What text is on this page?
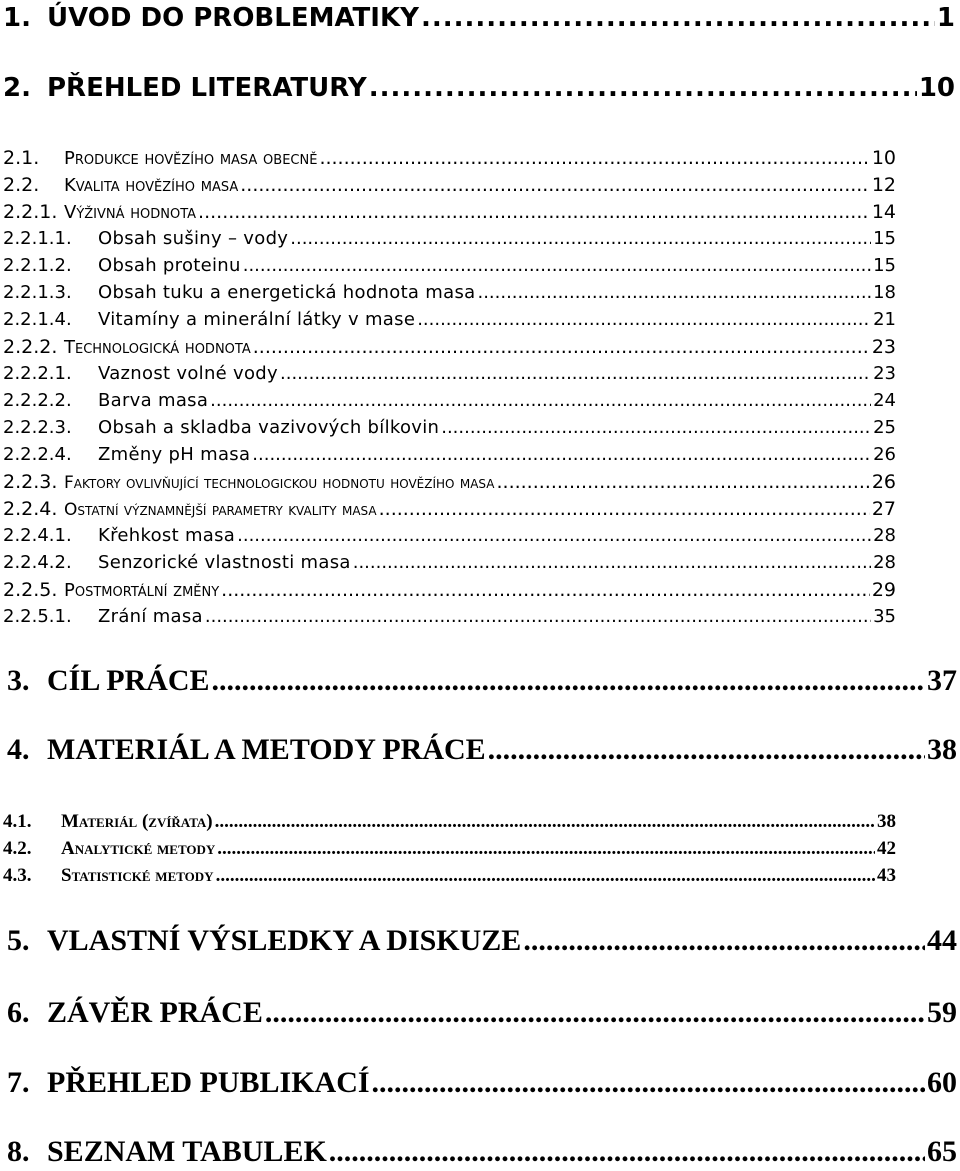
1. ÚVOD DO PROBLEMATIKY .....	1
2. PŘEHLED LITERATURY .....	10
2.1.	Produkce hovězího masa obecně .....	10
2.2.	Kvalita hovězího masa .....	12
2.2.1. Výživná hodnota .....	14
2.2.1.1.	Obsah sušiny – vody .....	15
2.2.1.2.	Obsah proteinu .....	15
2.2.1.3.	Obsah tuku a energetická hodnota masa .....	18
2.2.1.4.	Vitamíny a minerální látky v mase .....	21
2.2.2. Technologická hodnota .....	23
2.2.2.1.	Vaznost volné vody .....	23
2.2.2.2.	Barva masa .....	24
2.2.2.3.	Obsah a skladba vazivových bílkovin .....	25
2.2.2.4.	Změny pH masa .....	26
2.2.3. Faktory ovlivňující technologickou hodnotu hovězího masa .....	26
2.2.4. Ostatní významnější parametry kvality masa .....	27
2.2.4.1.	Křehkost masa .....	28
2.2.4.2.	Senzorické vlastnosti masa .....	28
2.2.5. Postmortální změny .....	29
2.2.5.1.	Zrání masa .....	35
3. CÍL PRÁCE .....	37
4. MATERIÁL A METODY PRÁCE .....	38
4.1.	Materiál (zvířata) .....	38
4.2.	Analytické metody .....	42
4.3.	Statistické metody .....	43
5. VLASTNÍ VÝSLEDKY A DISKUZE .....	44
6. ZÁVĚR PRÁCE .....	59
7. PŘEHLED PUBLIKACÍ .....	60
8. SEZNAM TABULEK .....	65
